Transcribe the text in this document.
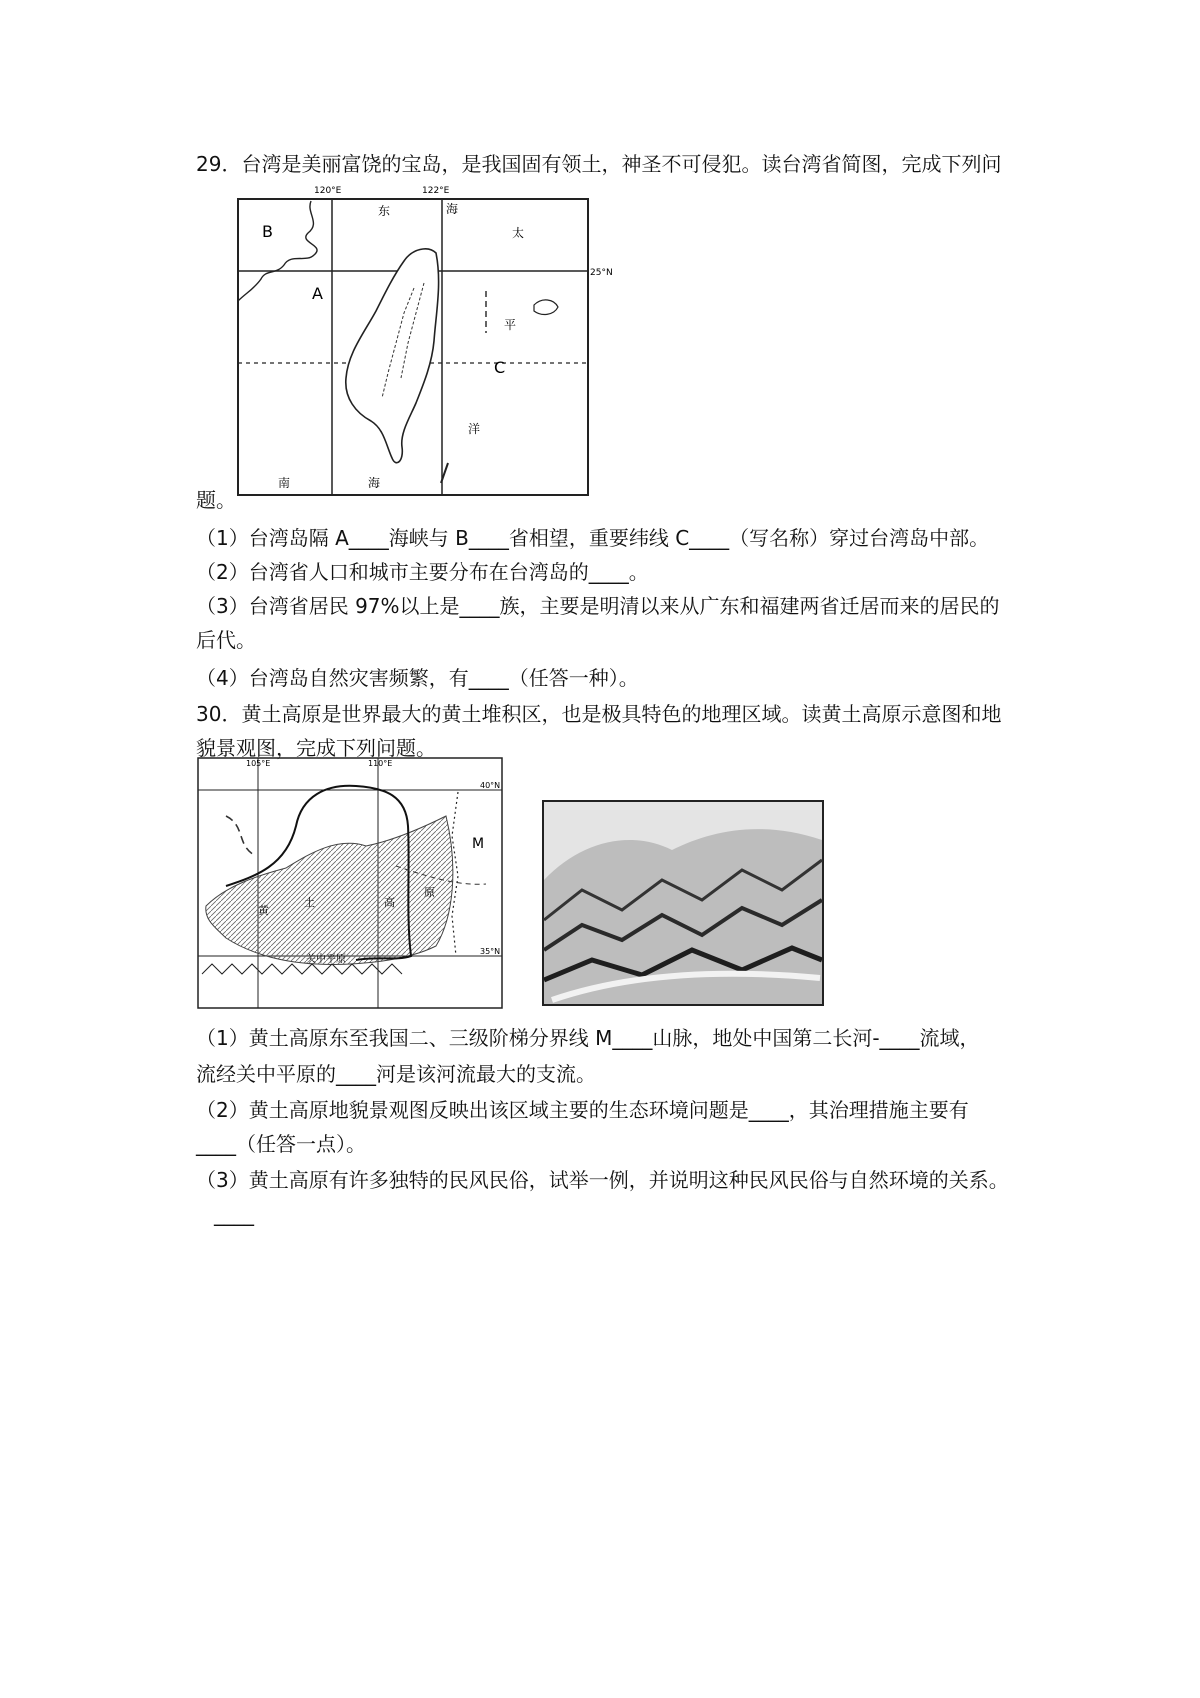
29．台湾是美丽富饶的宝岛，是我国固有领土，神圣不可侵犯。读台湾省简图，完成下列问
120°E	122°E
25°N
B
A
C
东	海
太
平
洋
南	海
题。
（1）台湾岛隔 A____海峡与 B____省相望，重要纬线 C____（写名称）穿过台湾岛中部。
（2）台湾省人口和城市主要分布在台湾岛的____。
（3）台湾省居民 97%以上是____族，主要是明清以来从广东和福建两省迁居而来的居民的
后代。
（4）台湾岛自然灾害频繁，有____（任答一种）。
30．黄土高原是世界最大的黄土堆积区，也是极具特色的地理区域。读黄土高原示意图和地
貌景观图，完成下列问题。
M
105°E	110°E
40°N
35°N
黄
土	高
原
关中平原
（1）黄土高原东至我国二、三级阶梯分界线 M____山脉，地处中国第二长河-____流域，
流经关中平原的____河是该河流最大的支流。
（2）黄土高原地貌景观图反映出该区域主要的生态环境问题是____，其治理措施主要有
____（任答一点）。
（3）黄土高原有许多独特的民风民俗，试举一例，并说明这种民风民俗与自然环境的关系。
____
